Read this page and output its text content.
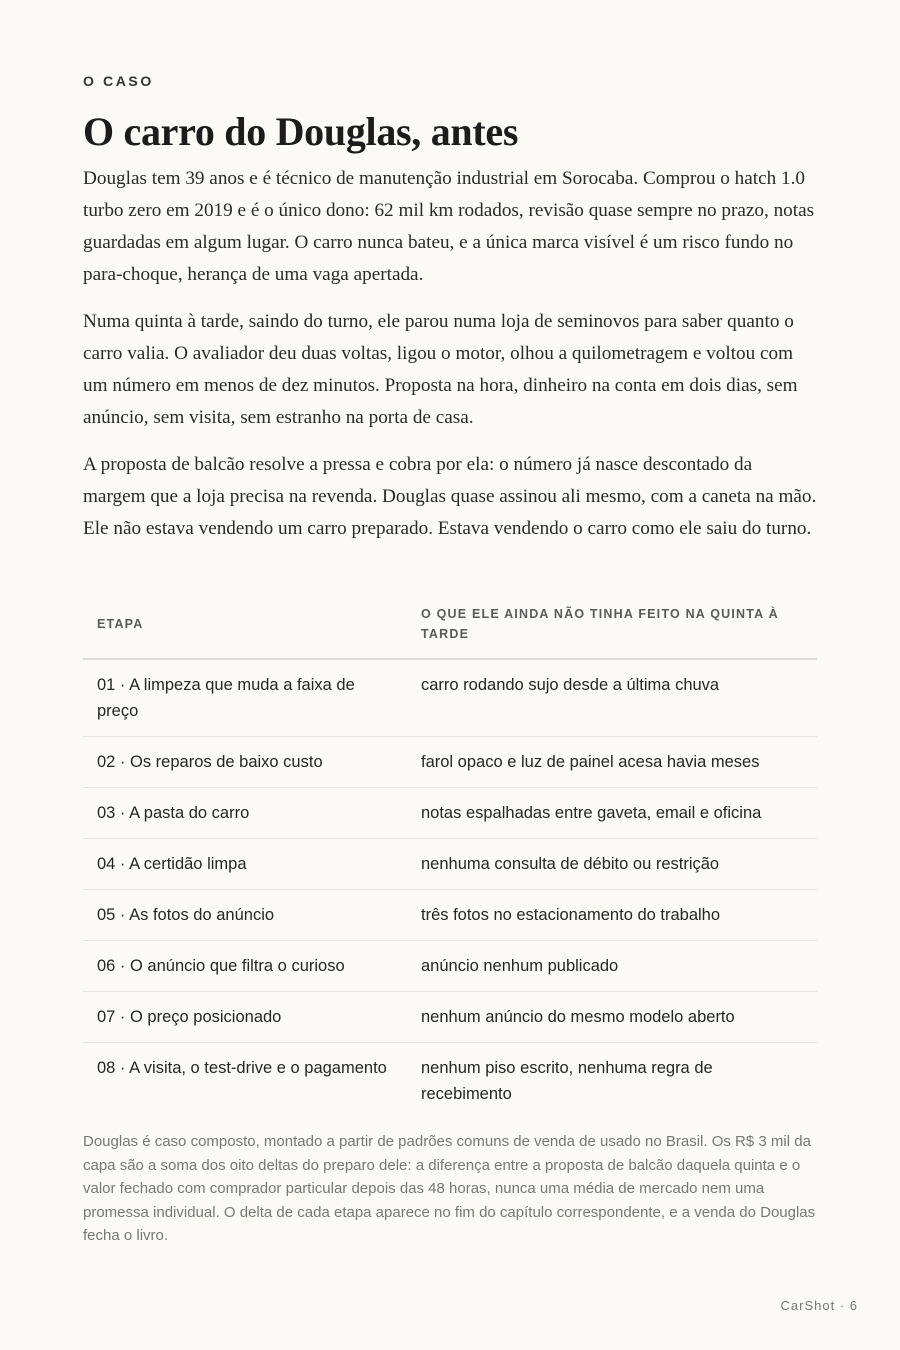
O CASO
O carro do Douglas, antes

Douglas tem 39 anos e é técnico de manutenção industrial em Sorocaba. Comprou o hatch 1.0 turbo zero em 2019 e é o único dono: 62 mil km rodados, revisão quase sempre no prazo, notas guardadas em algum lugar. O carro nunca bateu, e a única marca visível é um risco fundo no para-choque, herança de uma vaga apertada.

Numa quinta à tarde, saindo do turno, ele parou numa loja de seminovos para saber quanto o carro valia. O avaliador deu duas voltas, ligou o motor, olhou a quilometragem e voltou com um número em menos de dez minutos. Proposta na hora, dinheiro na conta em dois dias, sem anúncio, sem visita, sem estranho na porta de casa.

A proposta de balcão resolve a pressa e cobra por ela: o número já nasce descontado da margem que a loja precisa na revenda. Douglas quase assinou ali mesmo, com a caneta na mão. Ele não estava vendendo um carro preparado. Estava vendendo o carro como ele saiu do turno.

ETAPA	O QUE ELE AINDA NÃO TINHA FEITO NA QUINTA À TARDE
01 · A limpeza que muda a faixa de preço	carro rodando sujo desde a última chuva
02 · Os reparos de baixo custo	farol opaco e luz de painel acesa havia meses
03 · A pasta do carro	notas espalhadas entre gaveta, email e oficina
04 · A certidão limpa	nenhuma consulta de débito ou restrição
05 · As fotos do anúncio	três fotos no estacionamento do trabalho
06 · O anúncio que filtra o curioso	anúncio nenhum publicado
07 · O preço posicionado	nenhum anúncio do mesmo modelo aberto
08 · A visita, o test-drive e o pagamento	nenhum piso escrito, nenhuma regra de recebimento

Douglas é caso composto, montado a partir de padrões comuns de venda de usado no Brasil. Os R$ 3 mil da capa são a soma dos oito deltas do preparo dele: a diferença entre a proposta de balcão daquela quinta e o valor fechado com comprador particular depois das 48 horas, nunca uma média de mercado nem uma promessa individual. O delta de cada etapa aparece no fim do capítulo correspondente, e a venda do Douglas fecha o livro.

CarShot · 6
